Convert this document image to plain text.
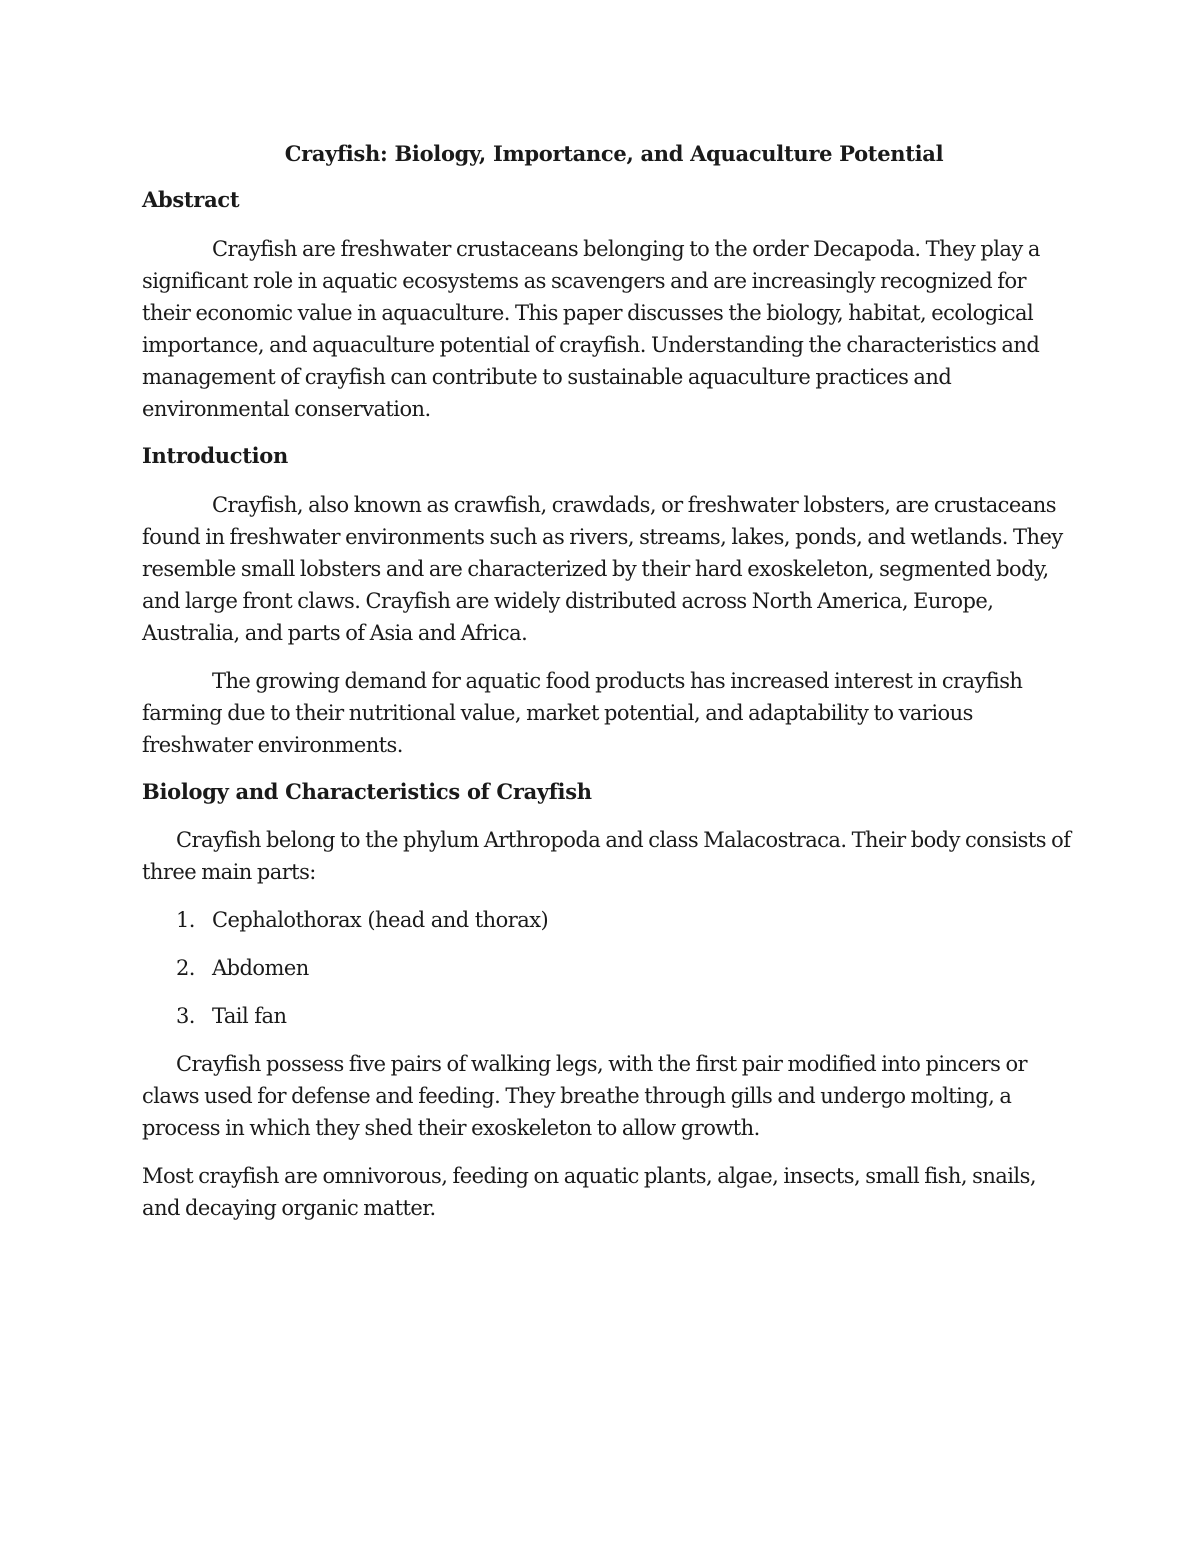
Crayfish: Biology, Importance, and Aquaculture Potential
Abstract

Crayfish are freshwater crustaceans belonging to the order Decapoda. They play a significant role in aquatic ecosystems as scavengers and are increasingly recognized for their economic value in aquaculture. This paper discusses the biology, habitat, ecological importance, and aquaculture potential of crayfish. Understanding the characteristics and management of crayfish can contribute to sustainable aquaculture practices and environmental conservation.

Introduction

Crayfish, also known as crawfish, crawdads, or freshwater lobsters, are crustaceans found in freshwater environments such as rivers, streams, lakes, ponds, and wetlands. They resemble small lobsters and are characterized by their hard exoskeleton, segmented body, and large front claws. Crayfish are widely distributed across North America, Europe, Australia, and parts of Asia and Africa.

The growing demand for aquatic food products has increased interest in crayfish farming due to their nutritional value, market potential, and adaptability to various freshwater environments.

Biology and Characteristics of Crayfish

Crayfish belong to the phylum Arthropoda and class Malacostraca. Their body consists of three main parts:

1. Cephalothorax (head and thorax)
2. Abdomen
3. Tail fan

Crayfish possess five pairs of walking legs, with the first pair modified into pincers or claws used for defense and feeding. They breathe through gills and undergo molting, a process in which they shed their exoskeleton to allow growth.

Most crayfish are omnivorous, feeding on aquatic plants, algae, insects, small fish, snails, and decaying organic matter.
